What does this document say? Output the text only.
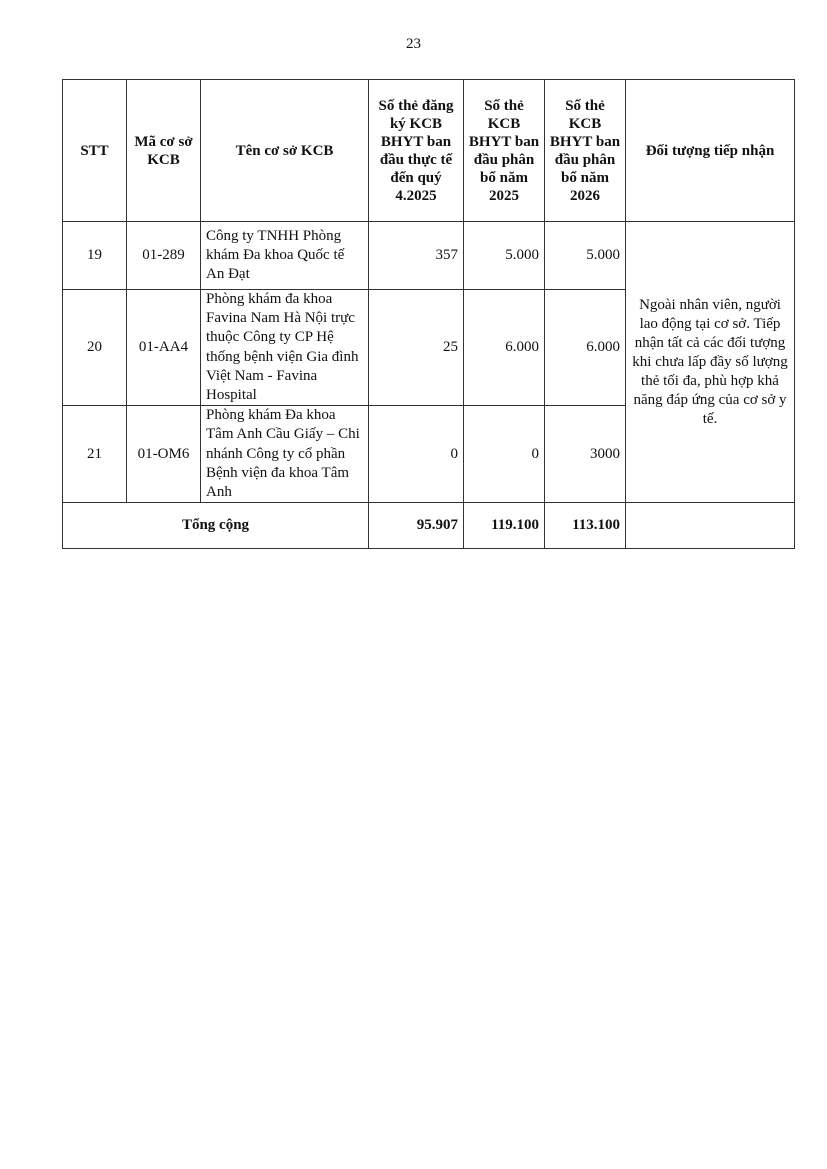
23
STT	Mã cơ sở KCB	Tên cơ sở KCB	Số thẻ đăng ký KCB BHYT ban đầu thực tế đến quý 4.2025	Số thẻ KCB BHYT ban đầu phân bổ năm 2025	Số thẻ KCB BHYT ban đầu phân bổ năm 2026	Đối tượng tiếp nhận
19	01-289	Công ty TNHH Phòng khám Đa khoa Quốc tế An Đạt	357	5.000	5.000	Ngoài nhân viên, người lao động tại cơ sở. Tiếp nhận tất cả các đối tượng khi chưa lấp đầy số lượng thẻ tối đa, phù hợp khả năng đáp ứng của cơ sở y tế.
20	01-AA4	Phòng khám đa khoa Favina Nam Hà Nội trực thuộc Công ty CP Hệ thống bệnh viện Gia đình Việt Nam - Favina Hospital	25	6.000	6.000	
21	01-OM6	Phòng khám Đa khoa Tâm Anh Cầu Giấy – Chi nhánh Công ty cổ phần Bệnh viện đa khoa Tâm Anh	0	0	3000	
Tổng cộng			95.907	119.100	113.100	
